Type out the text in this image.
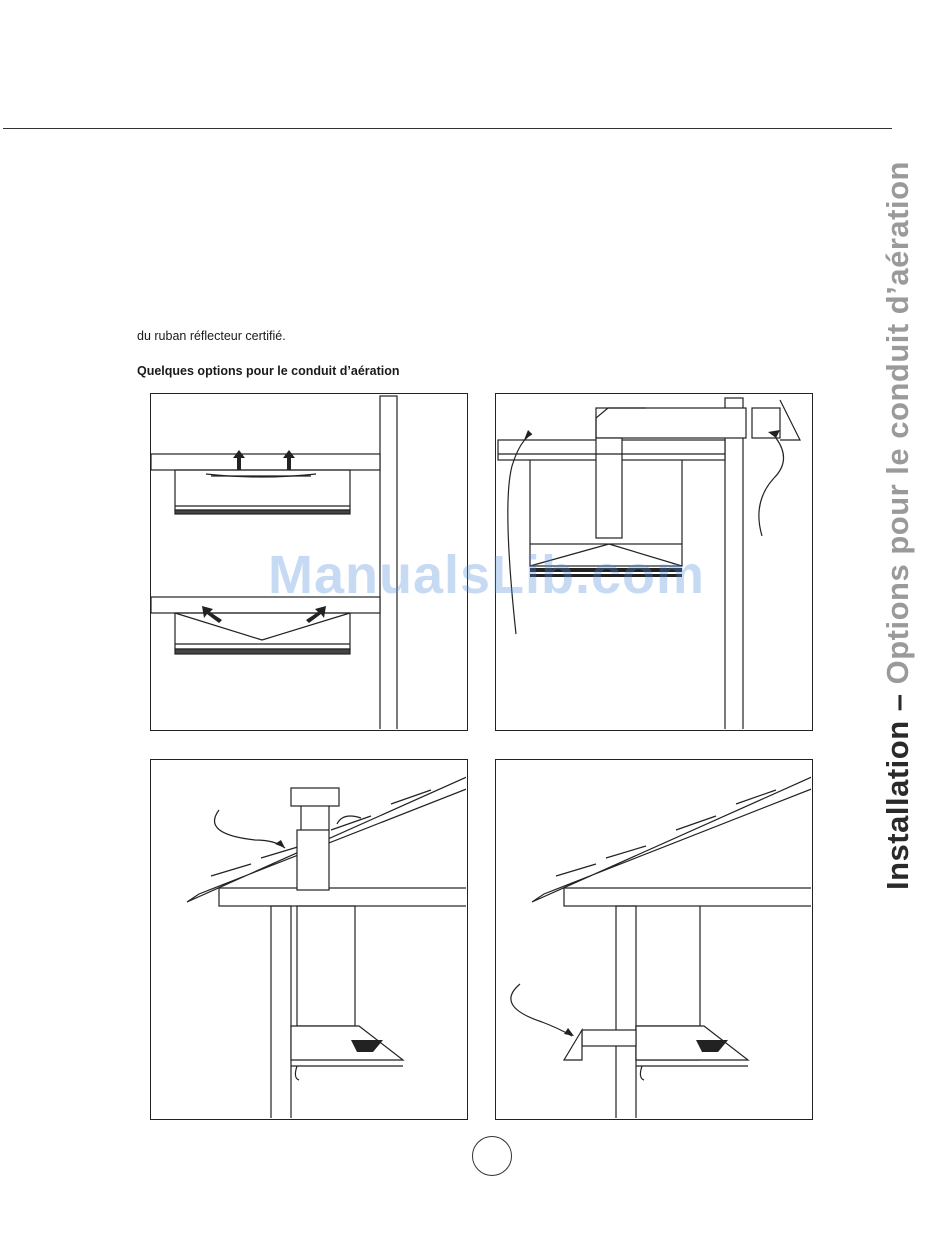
du ruban réflecteur certifié.
Quelques options pour le conduit d’aération
Installation – Options pour le conduit d’aération
ManualsLib.com
